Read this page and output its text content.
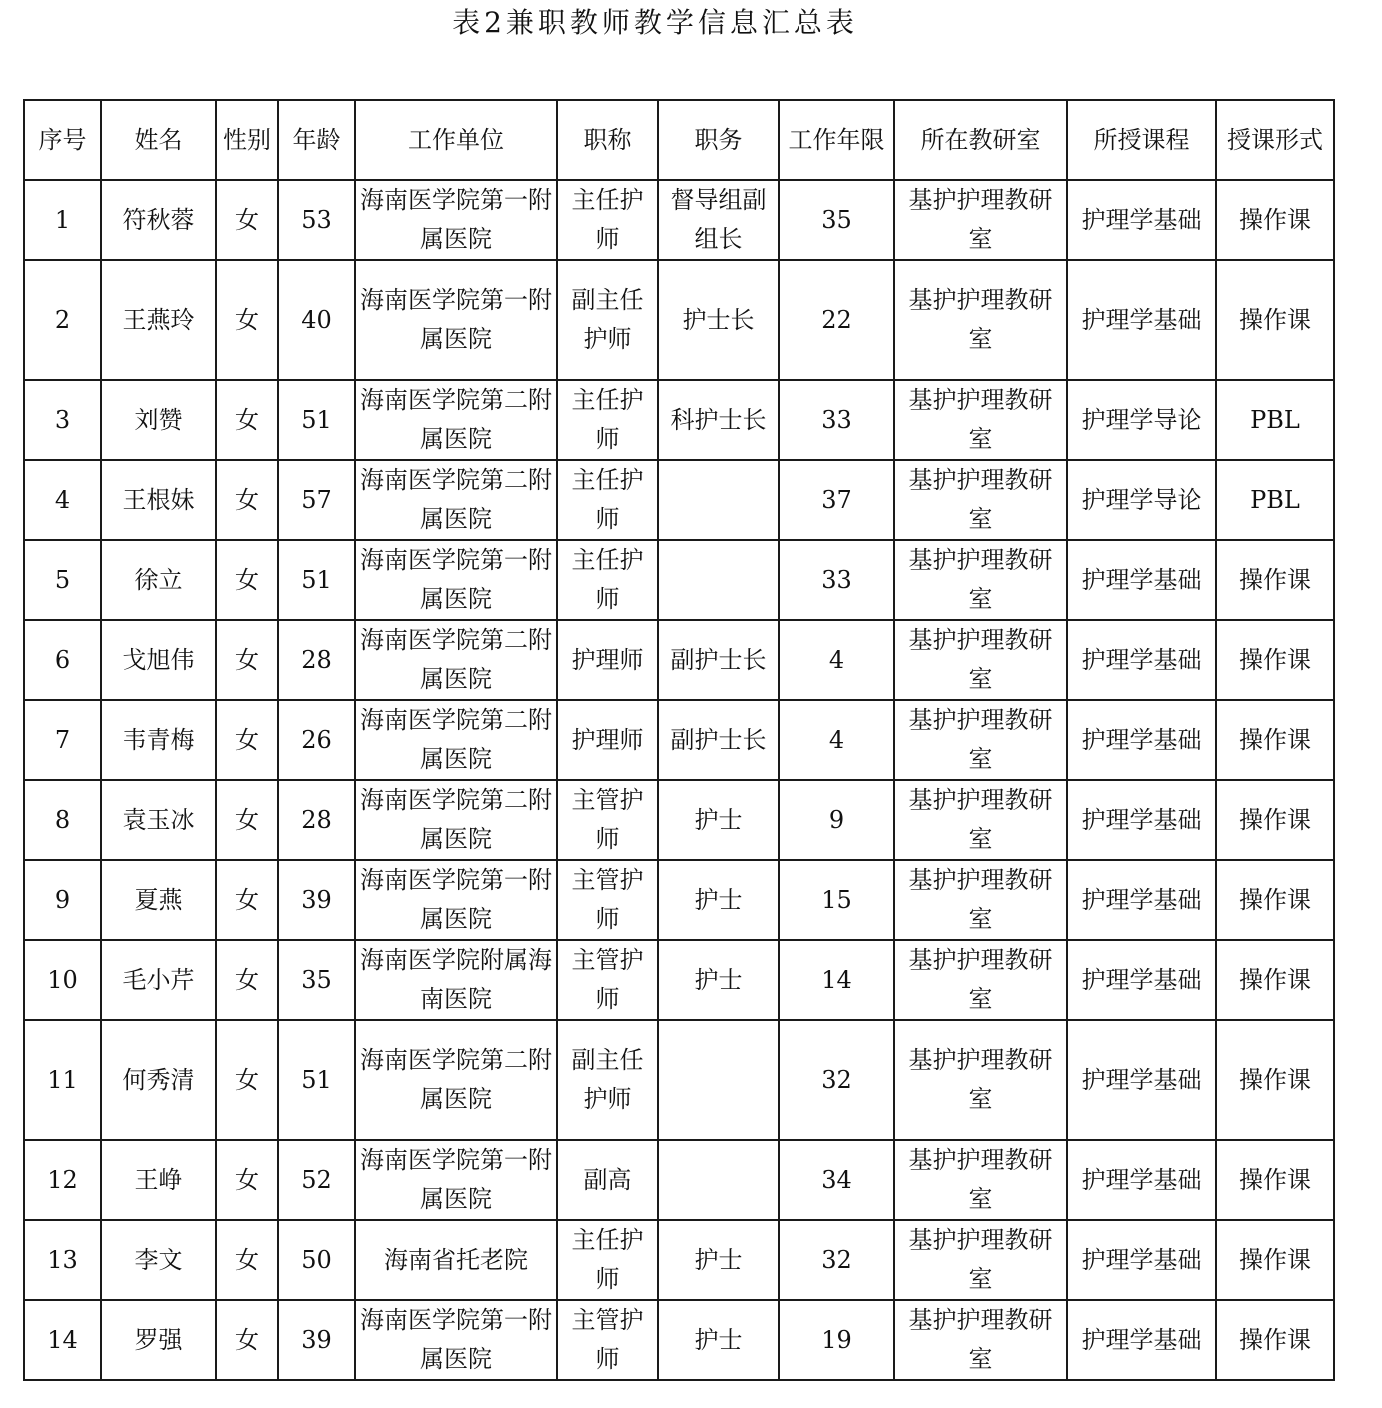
表2兼职教师教学信息汇总表
序号	姓名	性别	年龄	工作单位	职称	职务	工作年限	所在教研室	所授课程	授课形式
1	符秋蓉	女	53	海南医学院第一附属医院	主任护师	督导组副组长	35	基护护理教研室	护理学基础	操作课
2	王燕玲	女	40	海南医学院第一附属医院	副主任护师	护士长	22	基护护理教研室	护理学基础	操作课
3	刘赞	女	51	海南医学院第二附属医院	主任护师	科护士长	33	基护护理教研室	护理学导论	PBL
4	王根妹	女	57	海南医学院第二附属医院	主任护师		37	基护护理教研室	护理学导论	PBL
5	徐立	女	51	海南医学院第一附属医院	主任护师		33	基护护理教研室	护理学基础	操作课
6	戈旭伟	女	28	海南医学院第二附属医院	护理师	副护士长	4	基护护理教研室	护理学基础	操作课
7	韦青梅	女	26	海南医学院第二附属医院	护理师	副护士长	4	基护护理教研室	护理学基础	操作课
8	袁玉冰	女	28	海南医学院第二附属医院	主管护师	护士	9	基护护理教研室	护理学基础	操作课
9	夏燕	女	39	海南医学院第一附属医院	主管护师	护士	15	基护护理教研室	护理学基础	操作课
10	毛小芹	女	35	海南医学院附属海南医院	主管护师	护士	14	基护护理教研室	护理学基础	操作课
11	何秀清	女	51	海南医学院第二附属医院	副主任护师		32	基护护理教研室	护理学基础	操作课
12	王峥	女	52	海南医学院第一附属医院	副高		34	基护护理教研室	护理学基础	操作课
13	李文	女	50	海南省托老院	主任护师	护士	32	基护护理教研室	护理学基础	操作课
14	罗强	女	39	海南医学院第一附属医院	主管护师	护士	19	基护护理教研室	护理学基础	操作课
